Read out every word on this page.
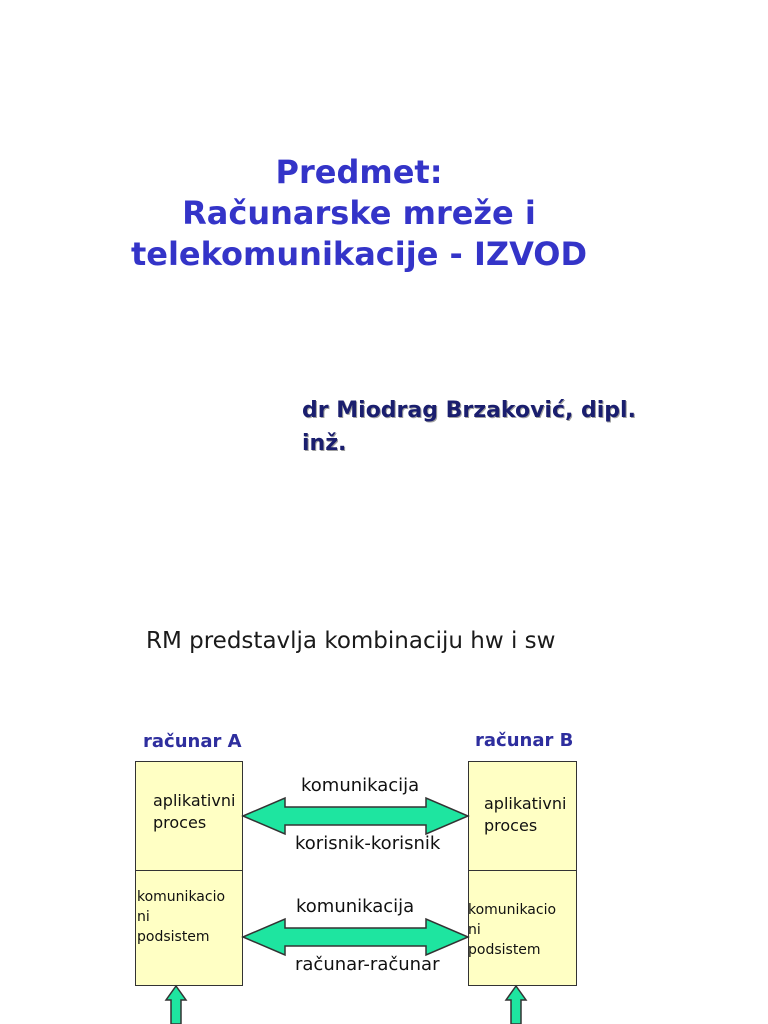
Predmet:
Računarske mreže i
telekomunikacije - IZVOD
dr Miodrag Brzaković, dipl.
inž.
RM predstavlja kombinaciju hw i sw
računar A	računar B
aplikativni
proces
aplikativni
proces
komunikacio
ni
podsistem
komunikacio
ni
podsistem
komunikacija
korisnik-korisnik
komunikacija
računar-računar
